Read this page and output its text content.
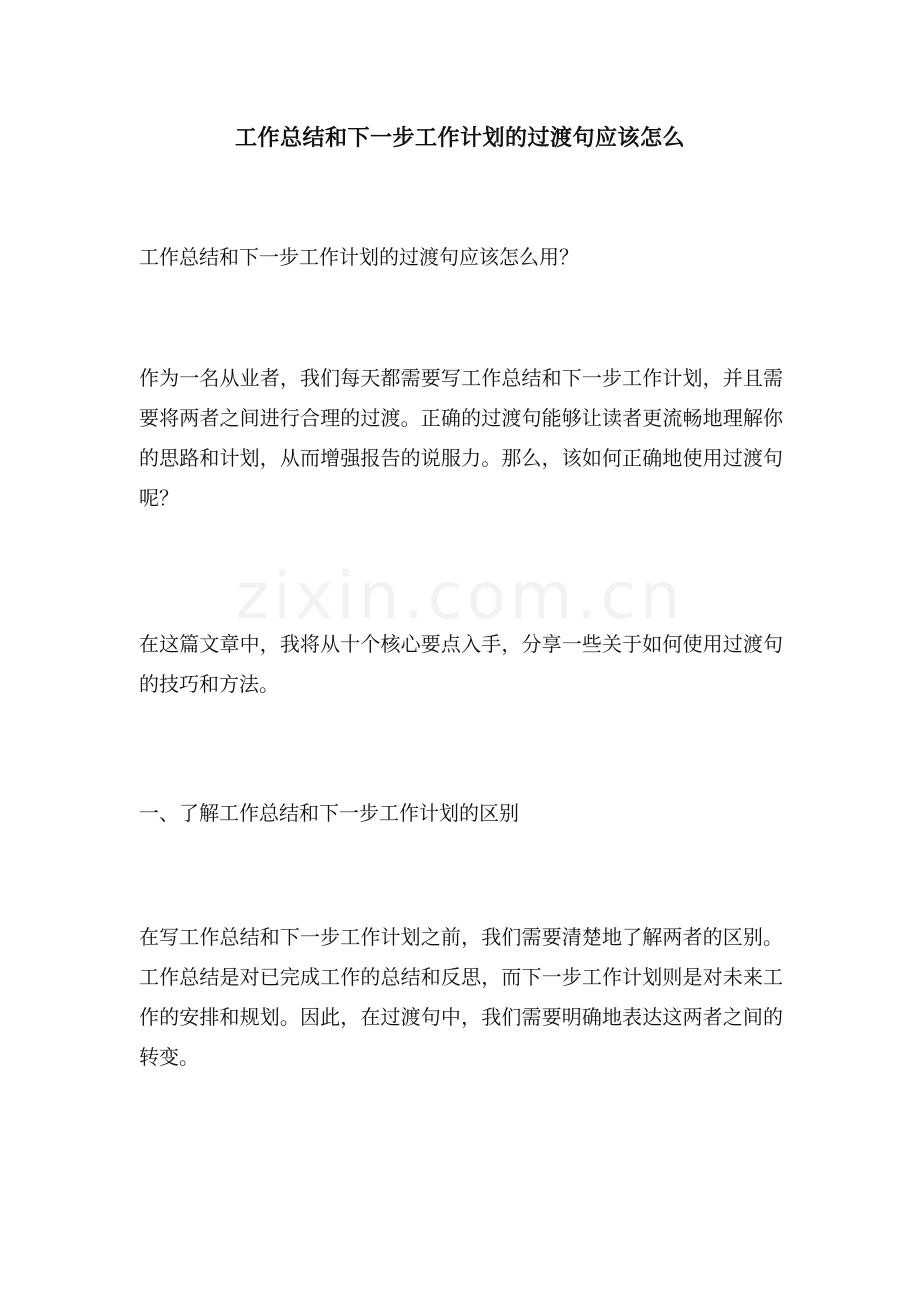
zixin.com.cn
工作总结和下一步工作计划的过渡句应该怎么

工作总结和下一步工作计划的过渡句应该怎么用？

作为一名从业者，我们每天都需要写工作总结和下一步工作计划，并且需要将两者之间进行合理的过渡。正确的过渡句能够让读者更流畅地理解你的思路和计划，从而增强报告的说服力。那么，该如何正确地使用过渡句呢？

在这篇文章中，我将从十个核心要点入手，分享一些关于如何使用过渡句的技巧和方法。

一、了解工作总结和下一步工作计划的区别

在写工作总结和下一步工作计划之前，我们需要清楚地了解两者的区别。工作总结是对已完成工作的总结和反思，而下一步工作计划则是对未来工作的安排和规划。因此，在过渡句中，我们需要明确地表达这两者之间的转变。
